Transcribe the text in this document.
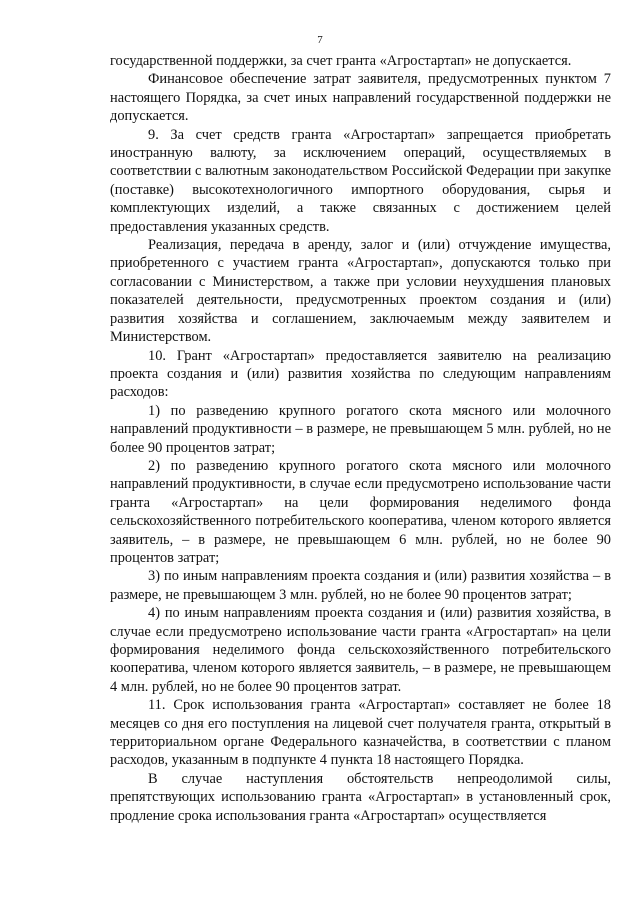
7

государственной поддержки, за счет гранта «Агростартап» не допускается.

Финансовое обеспечение затрат заявителя, предусмотренных пунктом 7 настоящего Порядка, за счет иных направлений государственной поддержки не допускается.

9. За счет средств гранта «Агростартап» запрещается приобретать иностранную валюту, за исключением операций, осуществляемых в соответствии с валютным законодательством Российской Федерации при закупке (поставке) высокотехнологичного импортного оборудования, сырья и комплектующих изделий, а также связанных с достижением целей предоставления указанных средств.

Реализация, передача в аренду, залог и (или) отчуждение имущества, приобретенного с участием гранта «Агростартап», допускаются только при согласовании с Министерством, а также при условии неухудшения плановых показателей деятельности, предусмотренных проектом создания и (или) развития хозяйства и соглашением, заключаемым между заявителем и Министерством.

10. Грант «Агростартап» предоставляется заявителю на реализацию проекта создания и (или) развития хозяйства по следующим направлениям расходов:

1) по разведению крупного рогатого скота мясного или молочного направлений продуктивности – в размере, не превышающем 5 млн. рублей, но не более 90 процентов затрат;

2) по разведению крупного рогатого скота мясного или молочного направлений продуктивности, в случае если предусмотрено использование части гранта «Агростартап» на цели формирования неделимого фонда сельскохозяйственного потребительского кооператива, членом которого является заявитель, – в размере, не превышающем 6 млн. рублей, но не более 90 процентов затрат;

3) по иным направлениям проекта создания и (или) развития хозяйства – в размере, не превышающем 3 млн. рублей, но не более 90 процентов затрат;

4) по иным направлениям проекта создания и (или) развития хозяйства, в случае если предусмотрено использование части гранта «Агростартап» на цели формирования неделимого фонда сельскохозяйственного потребительского кооператива, членом которого является заявитель, – в размере, не превышающем 4 млн. рублей, но не более 90 процентов затрат.

11. Срок использования гранта «Агростартап» составляет не более 18 месяцев со дня его поступления на лицевой счет получателя гранта, открытый в территориальном органе Федерального казначейства, в соответствии с планом расходов, указанным в подпункте 4 пункта 18 настоящего Порядка.

В случае наступления обстоятельств непреодолимой силы, препятствующих использованию гранта «Агростартап» в установленный срок, продление срока использования гранта «Агростартап» осуществляется
